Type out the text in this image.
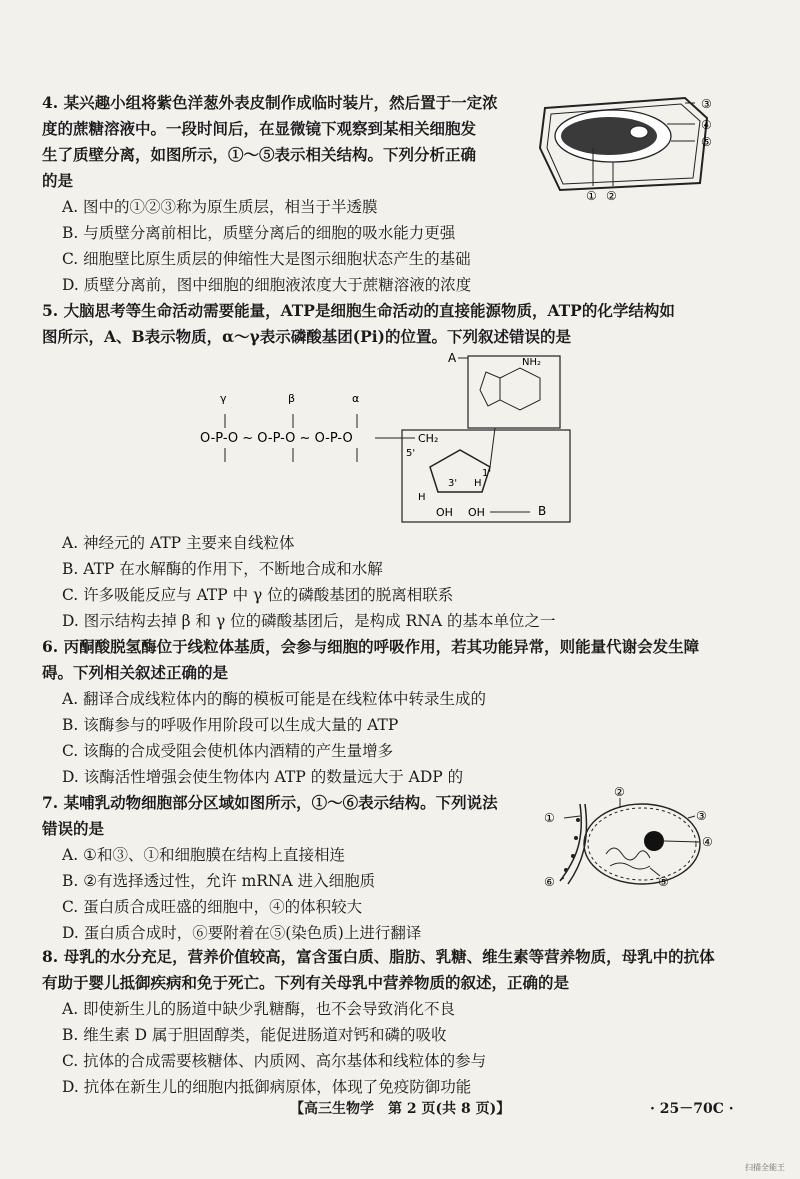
4. 某兴趣小组将紫色洋葱外表皮制作成临时装片，然后置于一定浓
度的蔗糖溶液中。一段时间后，在显微镜下观察到某相关细胞发
生了质壁分离，如图所示，①～⑤表示相关结构。下列分析正确
的是
A. 图中的①②③称为原生质层，相当于半透膜
B. 与质壁分离前相比，质壁分离后的细胞的吸水能力更强
C. 细胞壁比原生质层的伸缩性大是图示细胞状态产生的基础
D. 质壁分离前，图中细胞的细胞液浓度大于蔗糖溶液的浓度
③
④
⑤
① ②
5. 大脑思考等生命活动需要能量，ATP是细胞生命活动的直接能源物质，ATP的化学结构如
图所示，A、B表示物质，α～γ表示磷酸基团(Pi)的位置。下列叙述错误的是
A	NH₂
γ	β	α
O-P-O ~ O-P-O ~ O-P-O	CH₂
5'
H
3' H
1'
OH OH	B
A. 神经元的 ATP 主要来自线粒体
B. ATP 在水解酶的作用下，不断地合成和水解
C. 许多吸能反应与 ATP 中 γ 位的磷酸基团的脱离相联系
D. 图示结构去掉 β 和 γ 位的磷酸基团后，是构成 RNA 的基本单位之一
6. 丙酮酸脱氢酶位于线粒体基质，会参与细胞的呼吸作用，若其功能异常，则能量代谢会发生障
碍。下列相关叙述正确的是
A. 翻译合成线粒体内的酶的模板可能是在线粒体中转录生成的
B. 该酶参与的呼吸作用阶段可以生成大量的 ATP
C. 该酶的合成受阻会使机体内酒精的产生量增多
D. 该酶活性增强会使生物体内 ATP 的数量远大于 ADP 的
7. 某哺乳动物细胞部分区域如图所示，①～⑥表示结构。下列说法
错误的是
A. ①和③、①和细胞膜在结构上直接相连
B. ②有选择透过性，允许 mRNA 进入细胞质
C. 蛋白质合成旺盛的细胞中，④的体积较大
D. 蛋白质合成时，⑥要附着在⑤(染色质)上进行翻译
①
②
③
④
⑤
⑥
8. 母乳的水分充足，营养价值较高，富含蛋白质、脂肪、乳糖、维生素等营养物质，母乳中的抗体
有助于婴儿抵御疾病和免于死亡。下列有关母乳中营养物质的叙述，正确的是
A. 即使新生儿的肠道中缺少乳糖酶，也不会导致消化不良
B. 维生素 D 属于胆固醇类，能促进肠道对钙和磷的吸收
C. 抗体的合成需要核糖体、内质网、高尔基体和线粒体的参与
D. 抗体在新生儿的细胞内抵御病原体，体现了免疫防御功能
【高三生物学　第 2 页(共 8 页)】	· 25－70C ·
扫描全能王
